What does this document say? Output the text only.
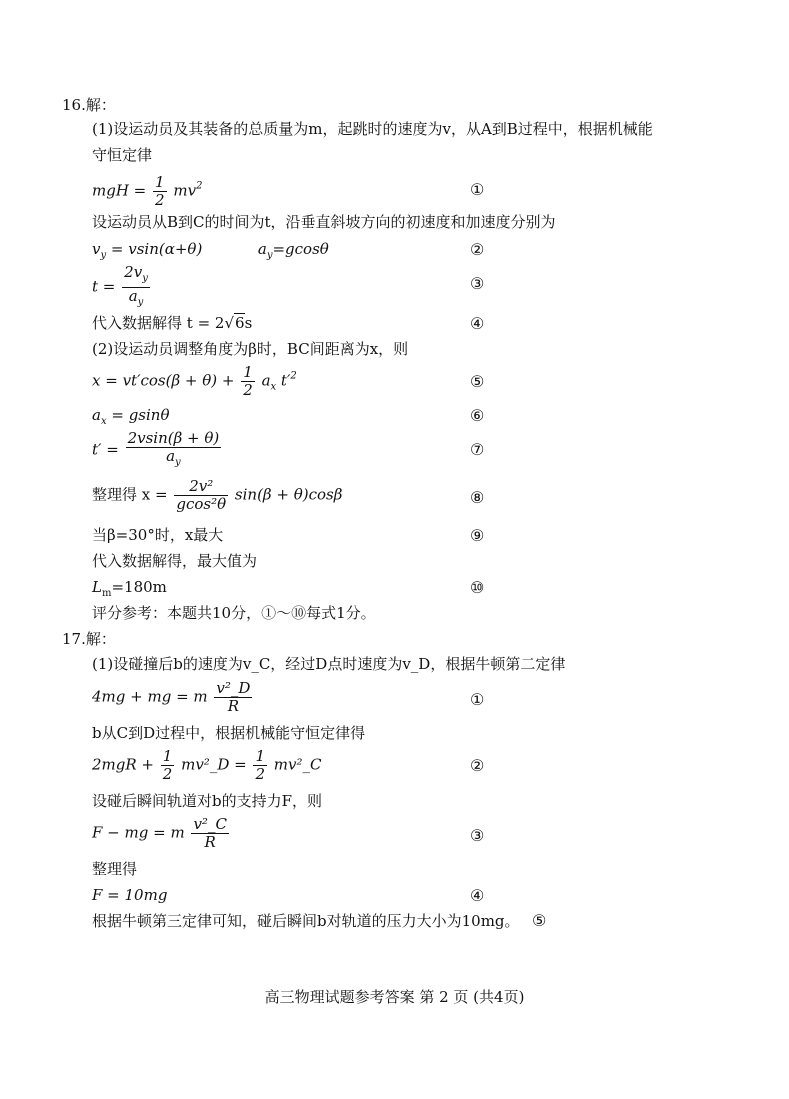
16.解：
(1)设运动员及其装备的总质量为m，起跳时的速度为v，从A到B过程中，根据机械能
守恒定律
mgH = $\frac{1}{2} mv^2$	①
设运动员从B到C的时间为t，沿垂直斜坡方向的初速度和加速度分别为
$v_y = vsin(\alpha+\theta)$	$a_y=gcos\theta$	②
$t = \frac{2v_y}{a_y}$	③
代入数据解得 t = 2√6s	④
(2)设运动员调整角度为β时，BC间距离为x，则
$x = vt'\cos(\beta + \theta) + \frac{1}{2} a_x$ $t'^2$	⑤
$a_x = gsin\theta$	⑥
$t' = \frac{2vsin(\beta + \theta)}{a_y}$	⑦
整理得 $x = \frac{\text{2v²}}{\text{gcos²θ}} \sin(\beta + \theta)\cos\beta$	⑧
当β=30°时，x最大	⑨
代入数据解得，最大值为
$L_m=180m$	⑩
评分参考：本题共10分，①～⑩每式1分。
17.解：
(1)设碰撞后b的速度为v_C，经过D点时速度为v_D，根据牛顿第二定律
4mg + mg = m $\frac{\text{v²\_D}}{R}$	①
b从C到D过程中，根据机械能守恒定律得
$2mgR + \frac{1}{2}$ mv²_D = $\frac{1}{2}$ mv²_C	②
设碰后瞬间轨道对b的支持力F，则
F − mg = m $\frac{\text{v²\_C}}{R}$	③
整理得
F = 10mg	④
根据牛顿第三定律可知，碰后瞬间b对轨道的压力大小为10mg。 ⑤
高三物理试题参考答案 第 2 页 (共4页)
